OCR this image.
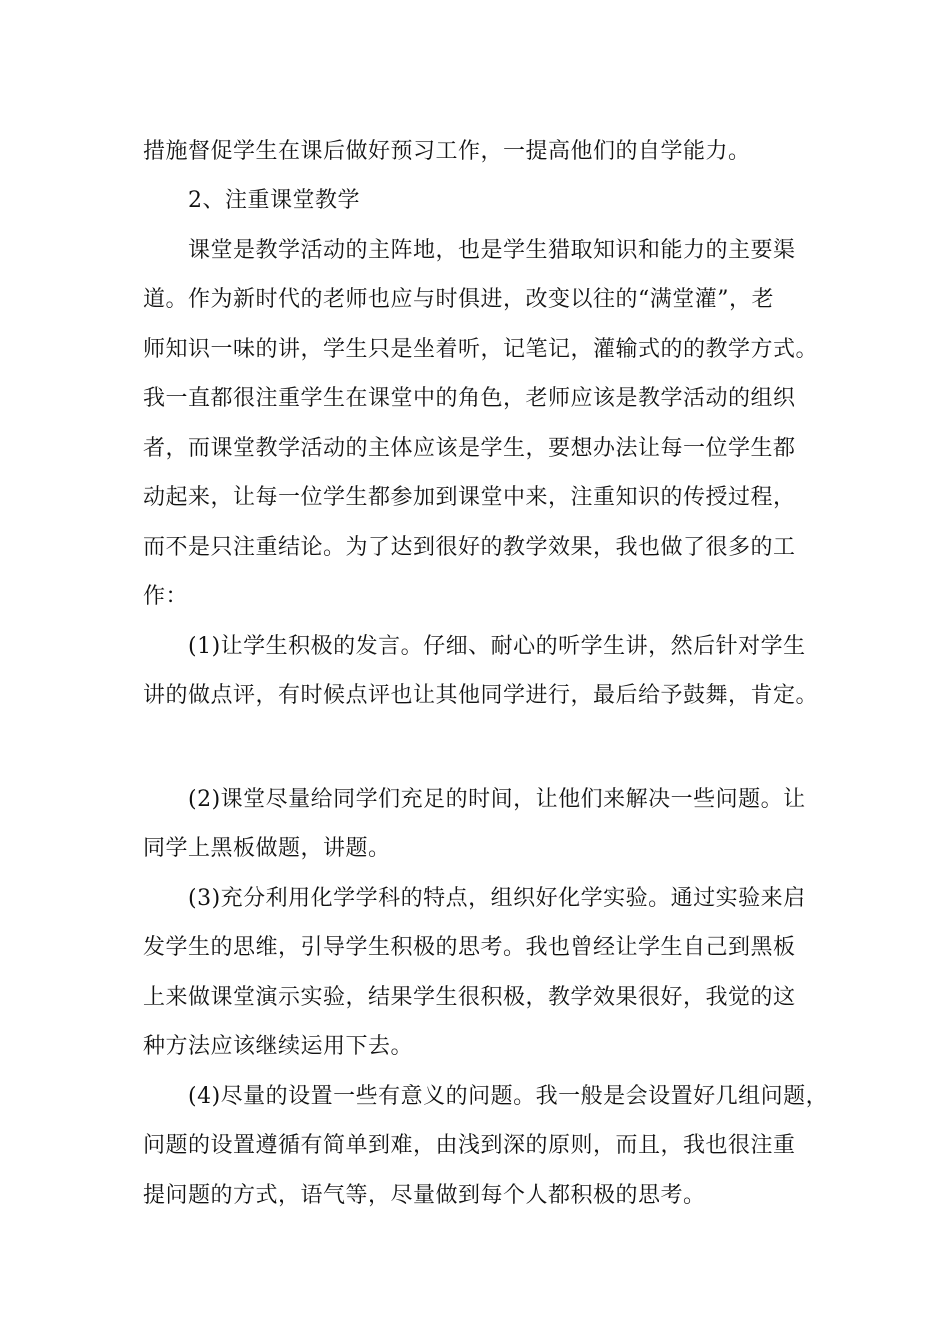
措施督促学生在课后做好预习工作，一提高他们的自学能力。
2、注重课堂教学
课堂是教学活动的主阵地，也是学生猎取知识和能力的主要渠
道。作为新时代的老师也应与时俱进，改变以往的“满堂灌”，老
师知识一味的讲，学生只是坐着听，记笔记，灌输式的的教学方式。
我一直都很注重学生在课堂中的角色，老师应该是教学活动的组织
者，而课堂教学活动的主体应该是学生，要想办法让每一位学生都
动起来，让每一位学生都参加到课堂中来，注重知识的传授过程，
而不是只注重结论。为了达到很好的教学效果，我也做了很多的工
作：
(1)让学生积极的发言。仔细、耐心的听学生讲，然后针对学生
讲的做点评，有时候点评也让其他同学进行，最后给予鼓舞，肯定。
(2)课堂尽量给同学们充足的时间，让他们来解决一些问题。让
同学上黑板做题，讲题。
(3)充分利用化学学科的特点，组织好化学实验。通过实验来启
发学生的思维，引导学生积极的思考。我也曾经让学生自己到黑板
上来做课堂演示实验，结果学生很积极，教学效果很好，我觉的这
种方法应该继续运用下去。
(4)尽量的设置一些有意义的问题。我一般是会设置好几组问题，
问题的设置遵循有简单到难，由浅到深的原则，而且，我也很注重
提问题的方式，语气等，尽量做到每个人都积极的思考。
